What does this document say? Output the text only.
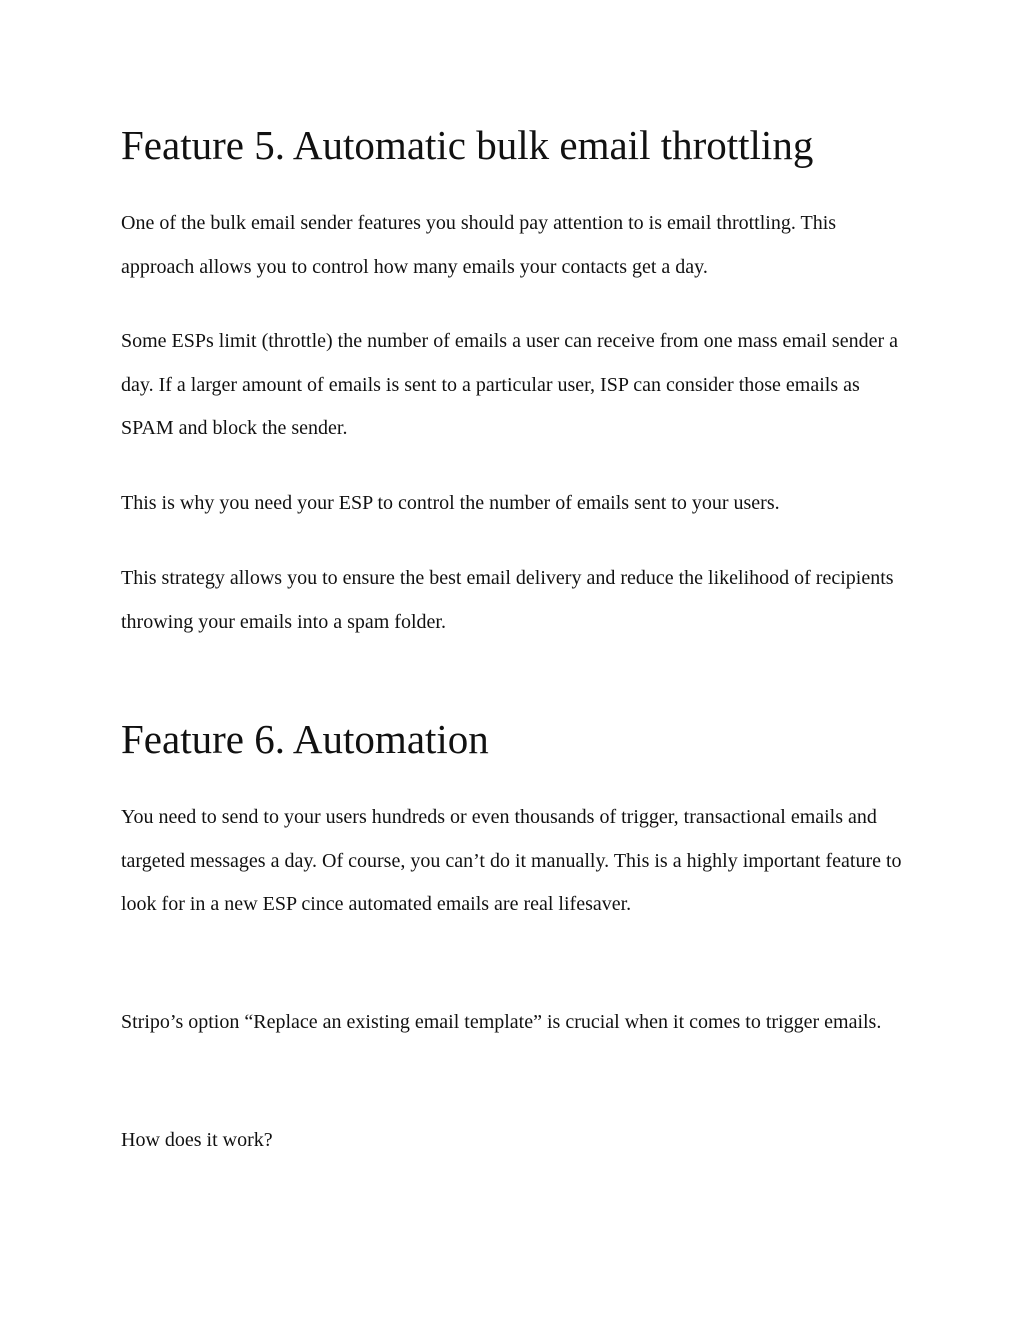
Feature 5. Automatic bulk email throttling

One of the bulk email sender features you should pay attention to is email throttling. This approach allows you to control how many emails your contacts get a day.

Some ESPs limit (throttle) the number of emails a user can receive from one mass email sender a day. If a larger amount of emails is sent to a particular user, ISP can consider those emails as SPAM and block the sender.

This is why you need your ESP to control the number of emails sent to your users.

This strategy allows you to ensure the best email delivery and reduce the likelihood of recipients throwing your emails into a spam folder.

Feature 6. Automation

You need to send to your users hundreds or even thousands of trigger, transactional emails and targeted messages a day. Of course, you can’t do it manually. This is a highly important feature to look for in a new ESP cince automated emails are real lifesaver.

Stripo’s option “Replace an existing email template” is crucial when it comes to trigger emails.

How does it work?
